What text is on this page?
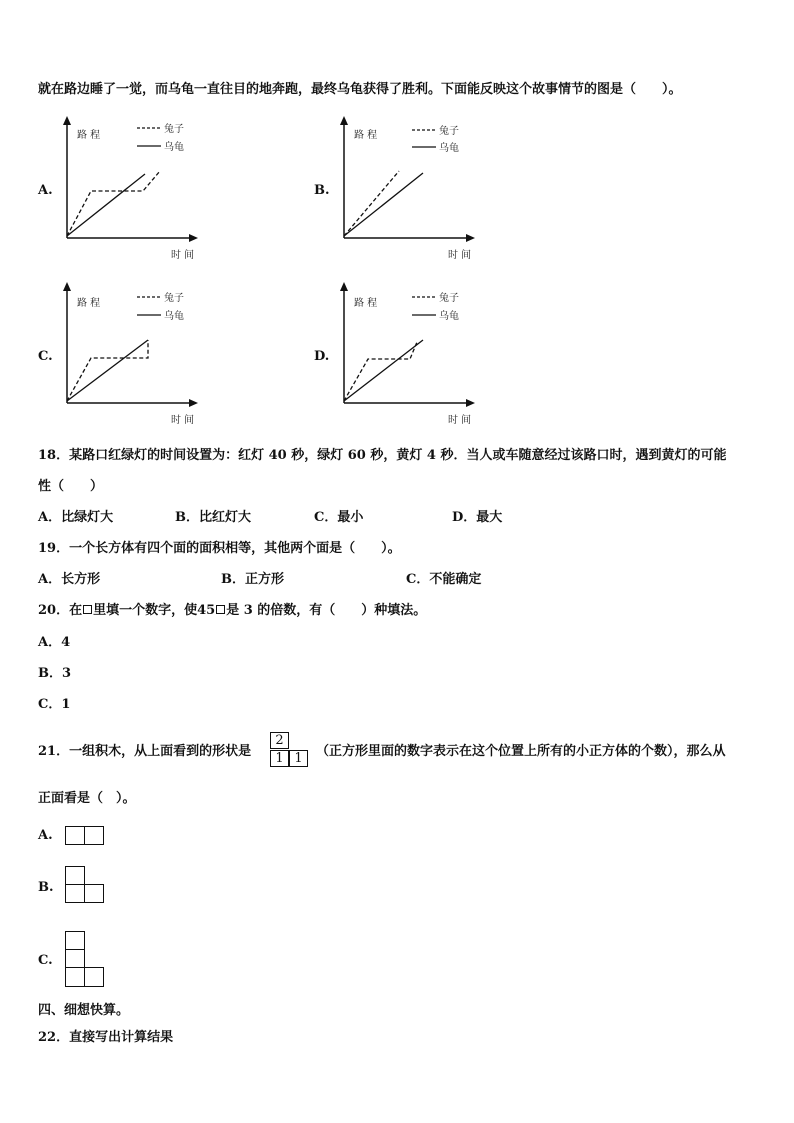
就在路边睡了一觉，而乌龟一直往目的地奔跑，最终乌龟获得了胜利。下面能反映这个故事情节的图是（　　）。
A.
路 程
时 间
兔子
乌龟
B.
路 程
时 间
兔子
乌龟
C.
路 程
时 间
兔子
乌龟
D.
路 程
时 间
兔子
乌龟
18．某路口红绿灯的时间设置为：红灯 40 秒，绿灯 60 秒，黄灯 4 秒．当人或车随意经过该路口时，遇到黄灯的可能
性（　　）
A．比绿灯大	B．比红灯大	C．最小	D．最大
19．一个长方体有四个面的面积相等，其他两个面是（　　）。
A．长方形	B．正方形	C．不能确定
20．在 里填一个数字，使45 是 3 的倍数，有（　　）种填法。
A．4
B．3
C．1
21．一组积木，从上面看到的形状是
2
1 1	（正方形里面的数字表示在这个位置上所有的小正方体的个数），那么从
正面看是（　）。
A.
B.
C.
四、细想快算。
22．直接写出计算结果
